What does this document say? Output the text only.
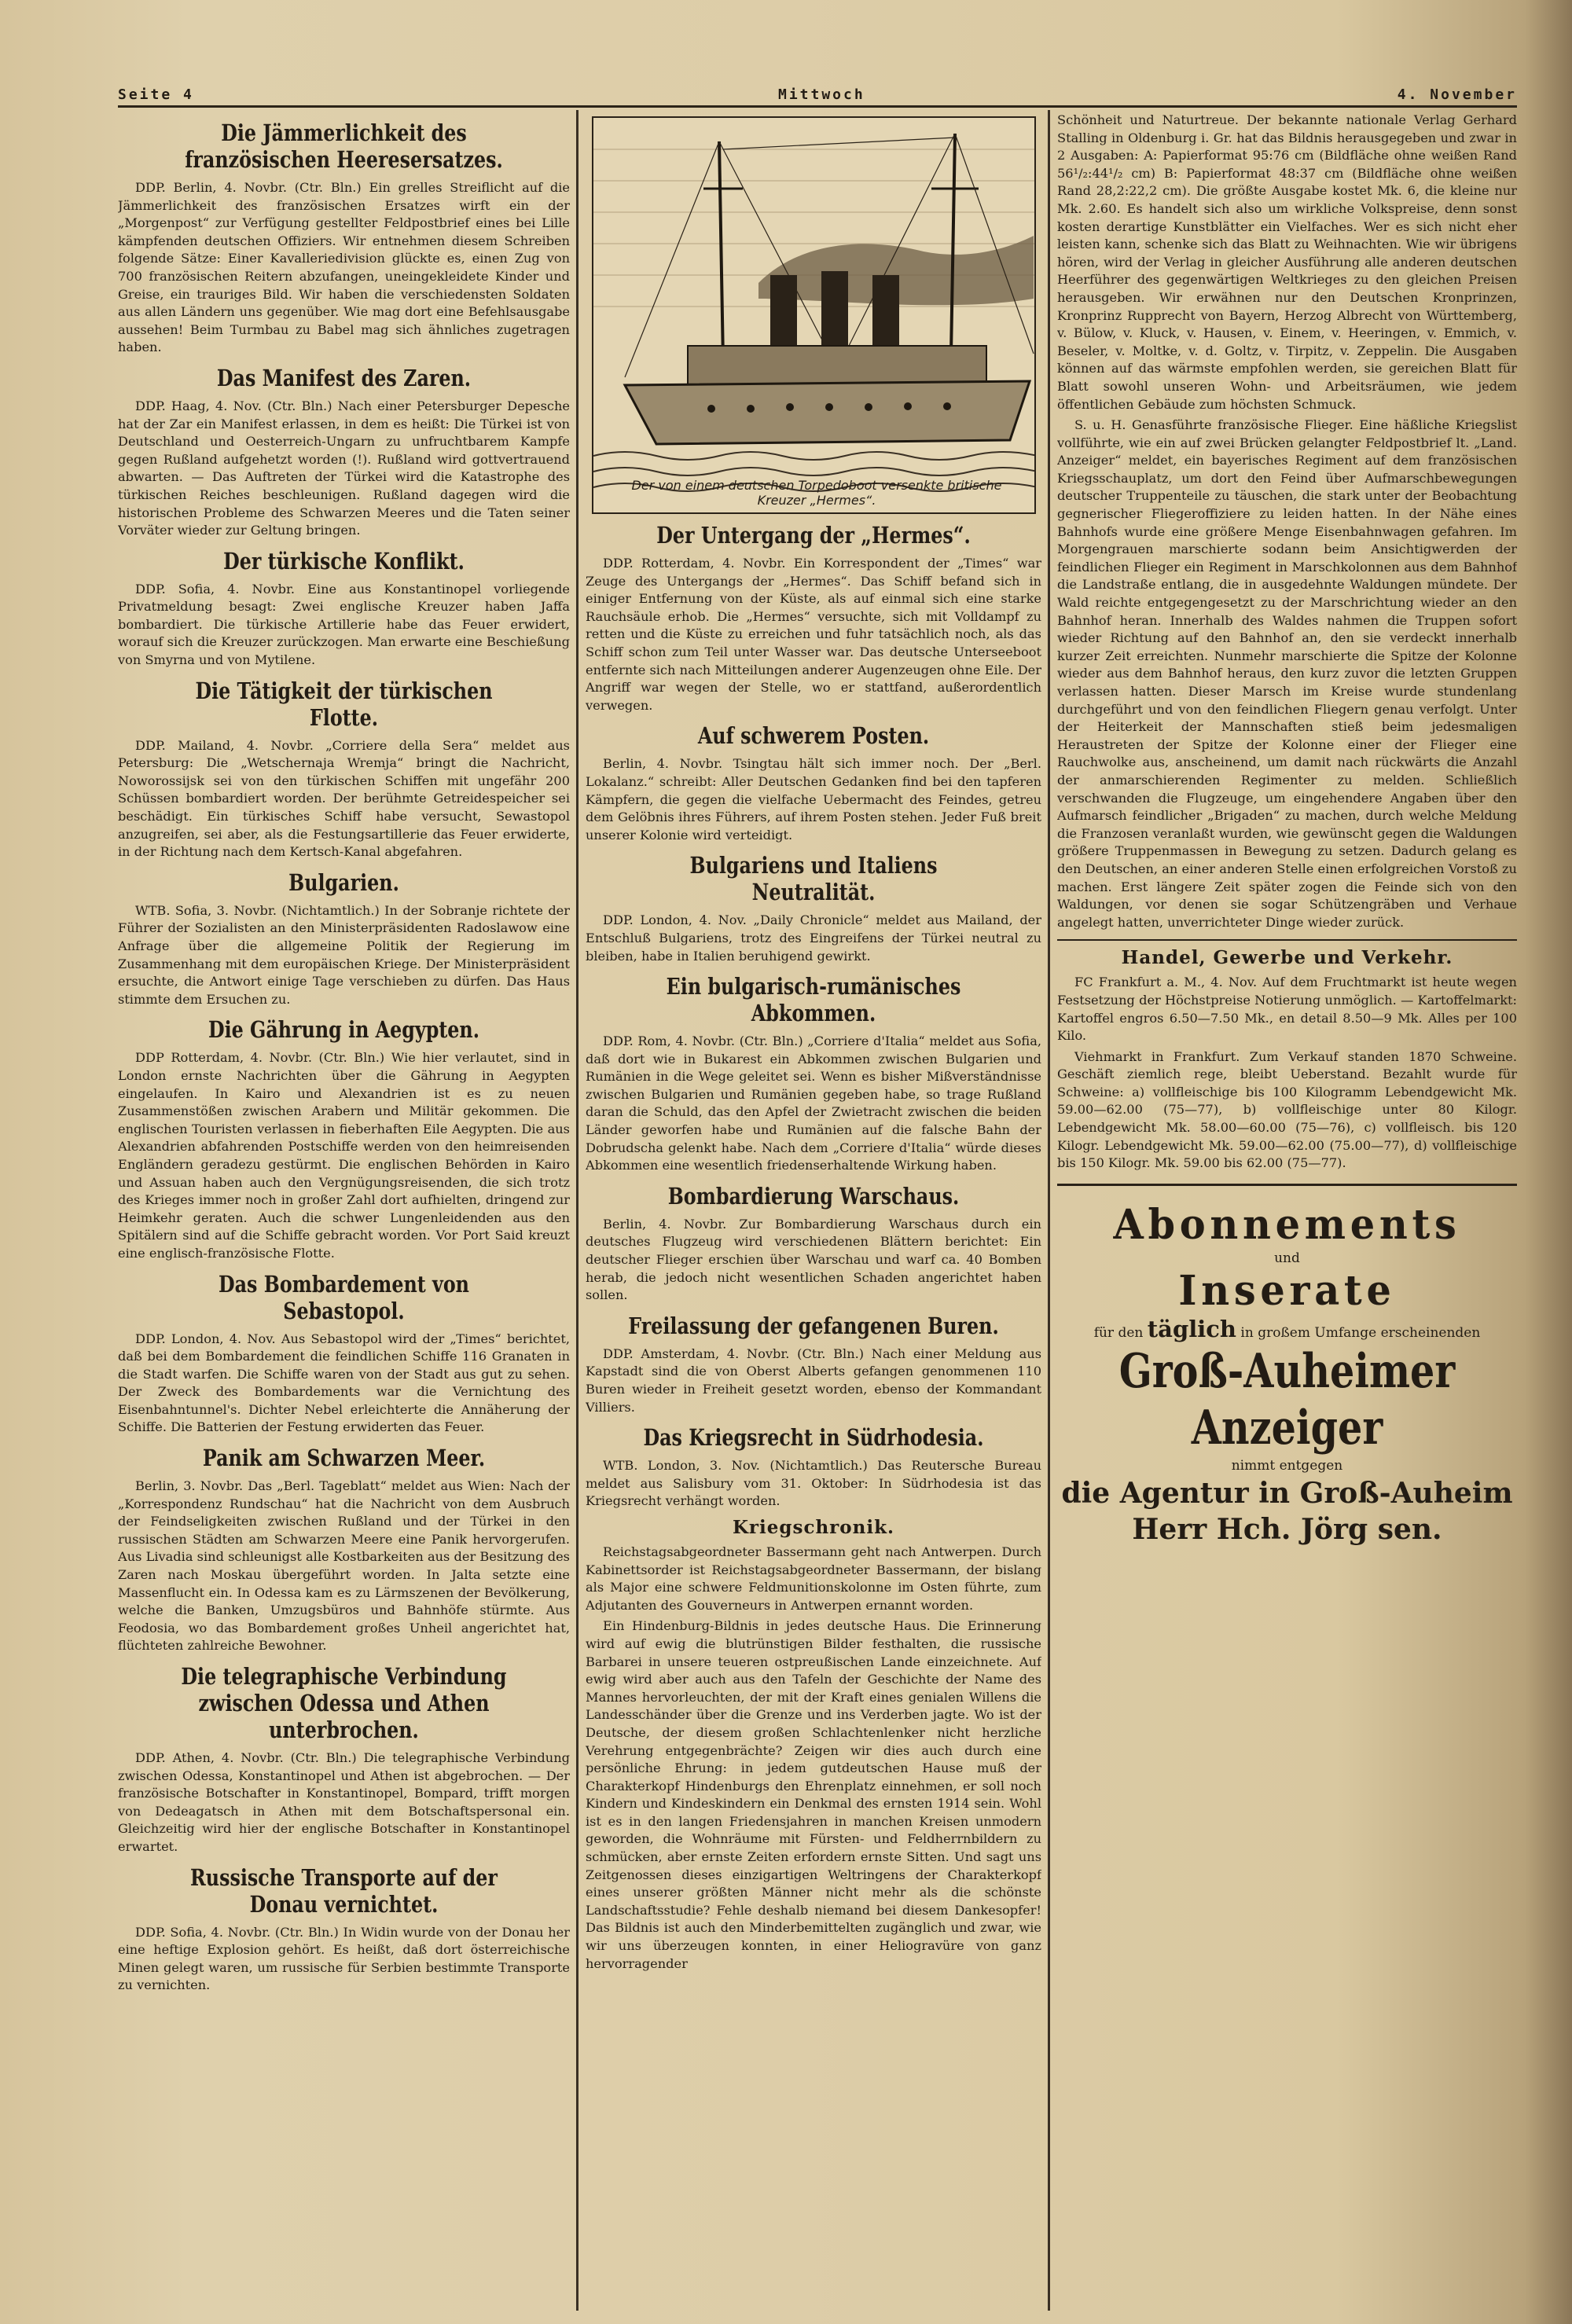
Seite 4	Mittwoch	4. November
Die Jämmerlichkeit des französischen Heeresersatzes.

DDP. Berlin, 4. Novbr. (Ctr. Bln.) Ein grelles Streiflicht auf die Jämmerlichkeit des französischen Ersatzes wirft ein der „Morgenpost“ zur Verfügung gestellter Feldpostbrief eines bei Lille kämpfenden deutschen Offiziers. Wir entnehmen diesem Schreiben folgende Sätze: Einer Kavalleriedivision glückte es, einen Zug von 700 französischen Reitern abzufangen, uneingekleidete Kinder und Greise, ein trauriges Bild. Wir haben die verschiedensten Soldaten aus allen Ländern uns gegenüber. Wie mag dort eine Befehlsausgabe aussehen! Beim Turmbau zu Babel mag sich ähnliches zugetragen haben.

Das Manifest des Zaren.

DDP. Haag, 4. Nov. (Ctr. Bln.) Nach einer Petersburger Depesche hat der Zar ein Manifest erlassen, in dem es heißt: Die Türkei ist von Deutschland und Oesterreich-Ungarn zu unfruchtbarem Kampfe gegen Rußland aufgehetzt worden (!). Rußland wird gottvertrauend abwarten. — Das Auftreten der Türkei wird die Katastrophe des türkischen Reiches beschleunigen. Rußland dagegen wird die historischen Probleme des Schwarzen Meeres und die Taten seiner Vorväter wieder zur Geltung bringen.

Der türkische Konflikt.

DDP. Sofia, 4. Novbr. Eine aus Konstantinopel vorliegende Privatmeldung besagt: Zwei englische Kreuzer haben Jaffa bombardiert. Die türkische Artillerie habe das Feuer erwidert, worauf sich die Kreuzer zurückzogen. Man erwarte eine Beschießung von Smyrna und von Mytilene.

Die Tätigkeit der türkischen Flotte.

DDP. Mailand, 4. Novbr. „Corriere della Sera“ meldet aus Petersburg: Die „Wetschernaja Wremja“ bringt die Nachricht, Noworossijsk sei von den türkischen Schiffen mit ungefähr 200 Schüssen bombardiert worden. Der berühmte Getreidespeicher sei beschädigt. Ein türkisches Schiff habe versucht, Sewastopol anzugreifen, sei aber, als die Festungsartillerie das Feuer erwiderte, in der Richtung nach dem Kertsch-Kanal abgefahren.

Bulgarien.

WTB. Sofia, 3. Novbr. (Nichtamtlich.) In der Sobranje richtete der Führer der Sozialisten an den Ministerpräsidenten Radoslawow eine Anfrage über die allgemeine Politik der Regierung im Zusammenhang mit dem europäischen Kriege. Der Ministerpräsident ersuchte, die Antwort einige Tage verschieben zu dürfen. Das Haus stimmte dem Ersuchen zu.

Die Gährung in Aegypten.

DDP Rotterdam, 4. Novbr. (Ctr. Bln.) Wie hier verlautet, sind in London ernste Nachrichten über die Gährung in Aegypten eingelaufen. In Kairo und Alexandrien ist es zu neuen Zusammenstößen zwischen Arabern und Militär gekommen. Die englischen Touristen verlassen in fieberhaften Eile Aegypten. Die aus Alexandrien abfahrenden Postschiffe werden von den heimreisenden Engländern geradezu gestürmt. Die englischen Behörden in Kairo und Assuan haben auch den Vergnügungsreisenden, die sich trotz des Krieges immer noch in großer Zahl dort aufhielten, dringend zur Heimkehr geraten. Auch die schwer Lungenleidenden aus den Spitälern sind auf die Schiffe gebracht worden. Vor Port Said kreuzt eine englisch-französische Flotte.

Das Bombardement von Sebastopol.

DDP. London, 4. Nov. Aus Sebastopol wird der „Times“ berichtet, daß bei dem Bombardement die feindlichen Schiffe 116 Granaten in die Stadt warfen. Die Schiffe waren von der Stadt aus gut zu sehen. Der Zweck des Bombardements war die Vernichtung des Eisenbahntunnel's. Dichter Nebel erleichterte die Annäherung der Schiffe. Die Batterien der Festung erwiderten das Feuer.

Panik am Schwarzen Meer.

Berlin, 3. Novbr. Das „Berl. Tageblatt“ meldet aus Wien: Nach der „Korrespondenz Rundschau“ hat die Nachricht von dem Ausbruch der Feindseligkeiten zwischen Rußland und der Türkei in den russischen Städten am Schwarzen Meere eine Panik hervorgerufen. Aus Livadia sind schleunigst alle Kostbarkeiten aus der Besitzung des Zaren nach Moskau übergeführt worden. In Jalta setzte eine Massenflucht ein. In Odessa kam es zu Lärmszenen der Bevölkerung, welche die Banken, Umzugsbüros und Bahnhöfe stürmte. Aus Feodosia, wo das Bombardement großes Unheil angerichtet hat, flüchteten zahlreiche Bewohner.

Die telegraphische Verbindung zwischen Odessa und Athen unterbrochen.

DDP. Athen, 4. Novbr. (Ctr. Bln.) Die telegraphische Verbindung zwischen Odessa, Konstantinopel und Athen ist abgebrochen. — Der französische Botschafter in Konstantinopel, Bompard, trifft morgen von Dedeagatsch in Athen mit dem Botschaftspersonal ein. Gleichzeitig wird hier der englische Botschafter in Konstantinopel erwartet.

Russische Transporte auf der Donau vernichtet.

DDP. Sofia, 4. Novbr. (Ctr. Bln.) In Widin wurde von der Donau her eine heftige Explosion gehört. Es heißt, daß dort österreichische Minen gelegt waren, um russische für Serbien bestimmte Transporte zu vernichten.

Der von einem deutschen Torpedoboot versenkte britische Kreuzer „Hermes“.
Der Untergang der „Hermes“.

DDP. Rotterdam, 4. Novbr. Ein Korrespondent der „Times“ war Zeuge des Untergangs der „Hermes“. Das Schiff befand sich in einiger Entfernung von der Küste, als auf einmal sich eine starke Rauchsäule erhob. Die „Hermes“ versuchte, sich mit Volldampf zu retten und die Küste zu erreichen und fuhr tatsächlich noch, als das Schiff schon zum Teil unter Wasser war. Das deutsche Unterseeboot entfernte sich nach Mitteilungen anderer Augenzeugen ohne Eile. Der Angriff war wegen der Stelle, wo er stattfand, außerordentlich verwegen.

Auf schwerem Posten.

Berlin, 4. Novbr. Tsingtau hält sich immer noch. Der „Berl. Lokalanz.“ schreibt: Aller Deutschen Gedanken find bei den tapferen Kämpfern, die gegen die vielfache Uebermacht des Feindes, getreu dem Gelöbnis ihres Führers, auf ihrem Posten stehen. Jeder Fuß breit unserer Kolonie wird verteidigt.

Bulgariens und Italiens Neutralität.

DDP. London, 4. Nov. „Daily Chronicle“ meldet aus Mailand, der Entschluß Bulgariens, trotz des Eingreifens der Türkei neutral zu bleiben, habe in Italien beruhigend gewirkt.

Ein bulgarisch-rumänisches Abkommen.

DDP. Rom, 4. Novbr. (Ctr. Bln.) „Corriere d'Italia“ meldet aus Sofia, daß dort wie in Bukarest ein Abkommen zwischen Bulgarien und Rumänien in die Wege geleitet sei. Wenn es bisher Mißverständnisse zwischen Bulgarien und Rumänien gegeben habe, so trage Rußland daran die Schuld, das den Apfel der Zwietracht zwischen die beiden Länder geworfen habe und Rumänien auf die falsche Bahn der Dobrudscha gelenkt habe. Nach dem „Corriere d'Italia“ würde dieses Abkommen eine wesentlich friedenserhaltende Wirkung haben.

Bombardierung Warschaus.

Berlin, 4. Novbr. Zur Bombardierung Warschaus durch ein deutsches Flugzeug wird verschiedenen Blättern berichtet: Ein deutscher Flieger erschien über Warschau und warf ca. 40 Bomben herab, die jedoch nicht wesentlichen Schaden angerichtet haben sollen.

Freilassung der gefangenen Buren.

DDP. Amsterdam, 4. Novbr. (Ctr. Bln.) Nach einer Meldung aus Kapstadt sind die von Oberst Alberts gefangen genommenen 110 Buren wieder in Freiheit gesetzt worden, ebenso der Kommandant Villiers.

Das Kriegsrecht in Südrhodesia.

WTB. London, 3. Nov. (Nichtamtlich.) Das Reutersche Bureau meldet aus Salisbury vom 31. Oktober: In Südrhodesia ist das Kriegsrecht verhängt worden.

Kriegschronik.

Reichstagsabgeordneter Bassermann geht nach Antwerpen. Durch Kabinettsorder ist Reichstagsabgeordneter Bassermann, der bislang als Major eine schwere Feldmunitionskolonne im Osten führte, zum Adjutanten des Gouverneurs in Antwerpen ernannt worden.

Ein Hindenburg-Bildnis in jedes deutsche Haus. Die Erinnerung wird auf ewig die blutrünstigen Bilder festhalten, die russische Barbarei in unsere teueren ostpreußischen Lande einzeichnete. Auf ewig wird aber auch aus den Tafeln der Geschichte der Name des Mannes hervorleuchten, der mit der Kraft eines genialen Willens die Landesschänder über die Grenze und ins Verderben jagte. Wo ist der Deutsche, der diesem großen Schlachtenlenker nicht herzliche Verehrung entgegenbrächte? Zeigen wir dies auch durch eine persönliche Ehrung: in jedem gutdeutschen Hause muß der Charakterkopf Hindenburgs den Ehrenplatz einnehmen, er soll noch Kindern und Kindeskindern ein Denkmal des ernsten 1914 sein. Wohl ist es in den langen Friedensjahren in manchen Kreisen unmodern geworden, die Wohnräume mit Fürsten- und Feldherrnbildern zu schmücken, aber ernste Zeiten erfordern ernste Sitten. Und sagt uns Zeitgenossen dieses einzigartigen Weltringens der Charakterkopf eines unserer größten Männer nicht mehr als die schönste Landschaftsstudie? Fehle deshalb niemand bei diesem Dankesopfer! Das Bildnis ist auch den Minderbemittelten zugänglich und zwar, wie wir uns überzeugen konnten, in einer Heliogravüre von ganz hervorragender

Schönheit und Naturtreue. Der bekannte nationale Verlag Gerhard Stalling in Oldenburg i. Gr. hat das Bildnis herausgegeben und zwar in 2 Ausgaben: A: Papierformat 95:76 cm (Bildfläche ohne weißen Rand 56¹/₂:44¹/₂ cm) B: Papierformat 48:37 cm (Bildfläche ohne weißen Rand 28,2:22,2 cm). Die größte Ausgabe kostet Mk. 6, die kleine nur Mk. 2.60. Es handelt sich also um wirkliche Volkspreise, denn sonst kosten derartige Kunstblätter ein Vielfaches. Wer es sich nicht eher leisten kann, schenke sich das Blatt zu Weihnachten. Wie wir übrigens hören, wird der Verlag in gleicher Ausführung alle anderen deutschen Heerführer des gegenwärtigen Weltkrieges zu den gleichen Preisen herausgeben. Wir erwähnen nur den Deutschen Kronprinzen, Kronprinz Rupprecht von Bayern, Herzog Albrecht von Württemberg, v. Bülow, v. Kluck, v. Hausen, v. Einem, v. Heeringen, v. Emmich, v. Beseler, v. Moltke, v. d. Goltz, v. Tirpitz, v. Zeppelin. Die Ausgaben können auf das wärmste empfohlen werden, sie gereichen Blatt für Blatt sowohl unseren Wohn- und Arbeitsräumen, wie jedem öffentlichen Gebäude zum höchsten Schmuck.

S. u. H. Genasführte französische Flieger. Eine häßliche Kriegslist vollführte, wie ein auf zwei Brücken gelangter Feldpostbrief lt. „Land. Anzeiger“ meldet, ein bayerisches Regiment auf dem französischen Kriegsschauplatz, um dort den Feind über Aufmarschbewegungen deutscher Truppenteile zu täuschen, die stark unter der Beobachtung gegnerischer Fliegeroffiziere zu leiden hatten. In der Nähe eines Bahnhofs wurde eine größere Menge Eisenbahnwagen gefahren. Im Morgengrauen marschierte sodann beim Ansichtigwerden der feindlichen Flieger ein Regiment in Marschkolonnen aus dem Bahnhof die Landstraße entlang, die in ausgedehnte Waldungen mündete. Der Wald reichte entgegengesetzt zu der Marschrichtung wieder an den Bahnhof heran. Innerhalb des Waldes nahmen die Truppen sofort wieder Richtung auf den Bahnhof an, den sie verdeckt innerhalb kurzer Zeit erreichten. Nunmehr marschierte die Spitze der Kolonne wieder aus dem Bahnhof heraus, den kurz zuvor die letzten Gruppen verlassen hatten. Dieser Marsch im Kreise wurde stundenlang durchgeführt und von den feindlichen Fliegern genau verfolgt. Unter der Heiterkeit der Mannschaften stieß beim jedesmaligen Heraustreten der Spitze der Kolonne einer der Flieger eine Rauchwolke aus, anscheinend, um damit nach rückwärts die Anzahl der anmarschierenden Regimenter zu melden. Schließlich verschwanden die Flugzeuge, um eingehendere Angaben über den Aufmarsch feindlicher „Brigaden“ zu machen, durch welche Meldung die Franzosen veranlaßt wurden, wie gewünscht gegen die Waldungen größere Truppenmassen in Bewegung zu setzen. Dadurch gelang es den Deutschen, an einer anderen Stelle einen erfolgreichen Vorstoß zu machen. Erst längere Zeit später zogen die Feinde sich von den Waldungen, vor denen sie sogar Schützengräben und Verhaue angelegt hatten, unverrichteter Dinge wieder zurück.

Handel, Gewerbe und Verkehr.

FC Frankfurt a. M., 4. Nov. Auf dem Fruchtmarkt ist heute wegen Festsetzung der Höchstpreise Notierung unmöglich. — Kartoffelmarkt: Kartoffel engros 6.50—7.50 Mk., en detail 8.50—9 Mk. Alles per 100 Kilo.

Viehmarkt in Frankfurt. Zum Verkauf standen 1870 Schweine. Geschäft ziemlich rege, bleibt Ueberstand. Bezahlt wurde für Schweine: a) vollfleischige bis 100 Kilogramm Lebendgewicht Mk. 59.00—62.00 (75—77), b) vollfleischige unter 80 Kilogr. Lebendgewicht Mk. 58.00—60.00 (75—76), c) vollfleisch. bis 120 Kilogr. Lebendgewicht Mk. 59.00—62.00 (75.00—77), d) vollfleischige bis 150 Kilogr. Mk. 59.00 bis 62.00 (75—77).

Abonnements
und
Inserate
für den täglich in großem Umfange erscheinenden
Groß-Auheimer Anzeiger
nimmt entgegen
die Agentur in Groß-Auheim
Herr Hch. Jörg sen.
